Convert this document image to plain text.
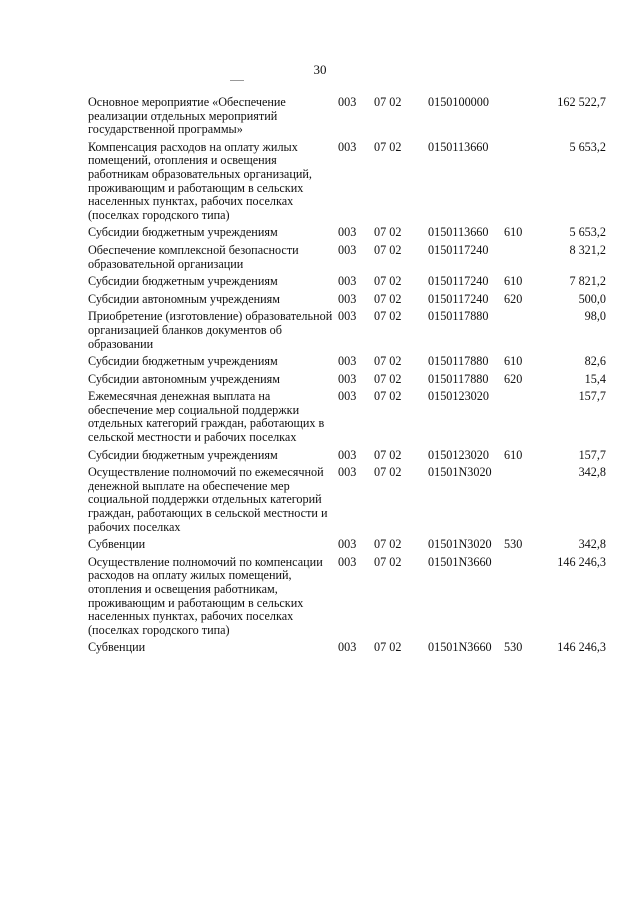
30
Основное мероприятие «Обеспечение реализации отдельных мероприятий государственной программы»	003	07 02	0150100000		162 522,7
Компенсация расходов на оплату жилых помещений, отопления и освещения работникам образовательных организаций, проживающим и работающим в сельских населенных пунктах, рабочих поселках (поселках городского типа)	003	07 02	0150113660		5 653,2
Субсидии бюджетным учреждениям	003	07 02	0150113660	610	5 653,2
Обеспечение комплексной безопасности образовательной организации	003	07 02	0150117240		8 321,2
Субсидии бюджетным учреждениям	003	07 02	0150117240	610	7 821,2
Субсидии автономным учреждениям	003	07 02	0150117240	620	500,0
Приобретение (изготовление) образовательной организацией бланков документов об образовании	003	07 02	0150117880		98,0
Субсидии бюджетным учреждениям	003	07 02	0150117880	610	82,6
Субсидии автономным учреждениям	003	07 02	0150117880	620	15,4
Ежемесячная денежная выплата на обеспечение мер социальной поддержки отдельных категорий граждан, работающих в сельской местности и рабочих поселках	003	07 02	0150123020		157,7
Субсидии бюджетным учреждениям	003	07 02	0150123020	610	157,7
Осуществление полномочий по ежемесячной денежной выплате на обеспечение мер социальной поддержки отдельных категорий граждан, работающих в сельской местности и рабочих поселках	003	07 02	01501N3020		342,8
Субвенции	003	07 02	01501N3020	530	342,8
Осуществление полномочий по компенсации расходов на оплату жилых помещений, отопления и освещения работникам, проживающим и работающим в сельских населенных пунктах, рабочих поселках (поселках городского типа)	003	07 02	01501N3660		146 246,3
Субвенции	003	07 02	01501N3660	530	146 246,3
